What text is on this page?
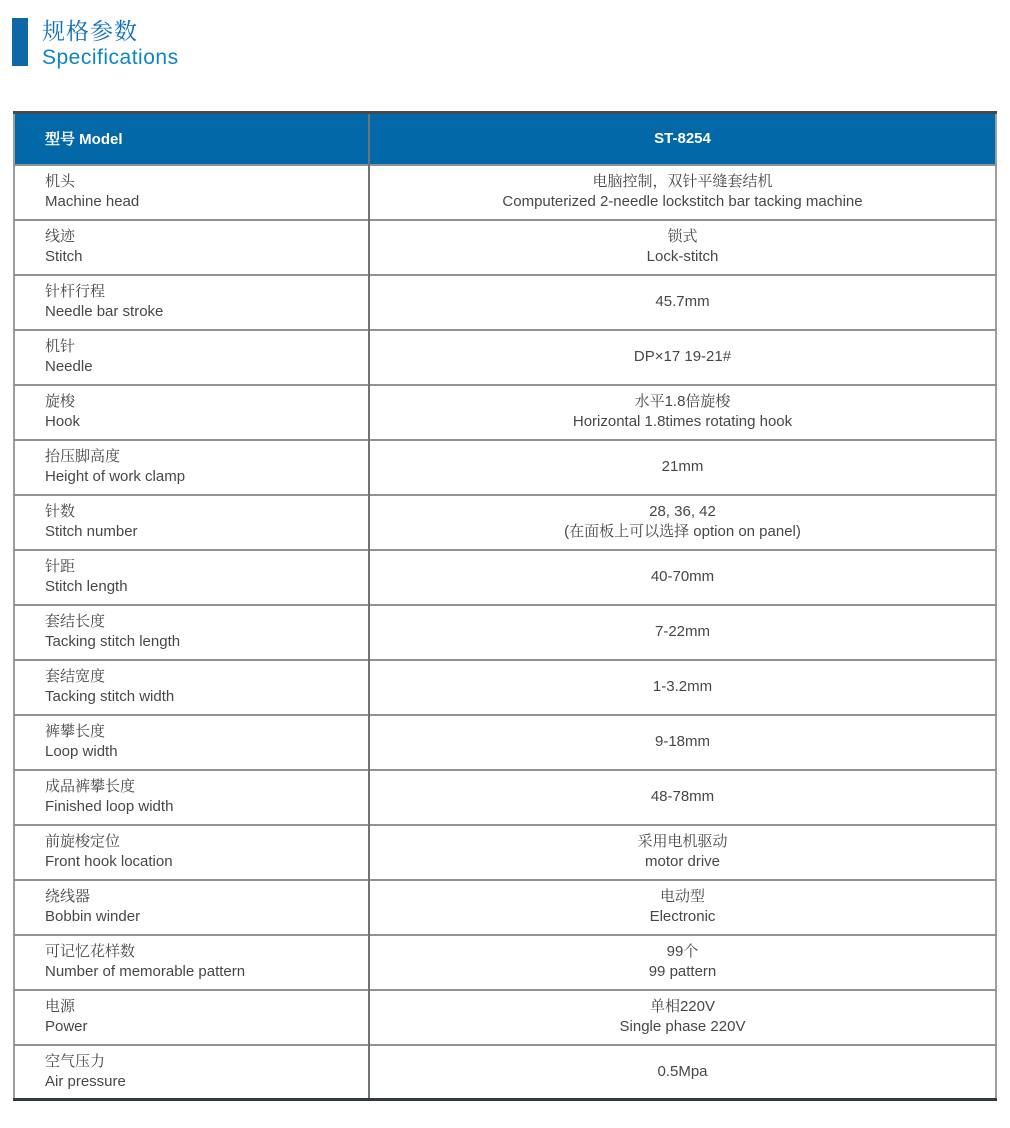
规格参数
Specifications
型号 Model	ST-8254

机头
Machine head	电脑控制，双针平缝套结机
Computerized 2-needle lockstitch bar tacking machine

线迹
Stitch	锁式
Lock-stitch

针杆行程
Needle bar stroke	45.7mm

机针
Needle	DP×17 19-21#

旋梭
Hook	水平1.8倍旋梭
Horizontal 1.8times rotating hook

抬压脚高度
Height of work clamp	21mm

针数
Stitch number	28, 36, 42
(在面板上可以选择 option on panel)

针距
Stitch length	40-70mm

套结长度
Tacking stitch length	7-22mm

套结宽度
Tacking stitch width	1-3.2mm

裤攀长度
Loop width	9-18mm

成品裤攀长度
Finished loop width	48-78mm

前旋梭定位
Front hook location	采用电机驱动
motor drive

绕线器
Bobbin winder	电动型
Electronic

可记忆花样数
Number of memorable pattern	99个
99 pattern

电源
Power	单相220V
Single phase 220V

空气压力
Air pressure	0.5Mpa
